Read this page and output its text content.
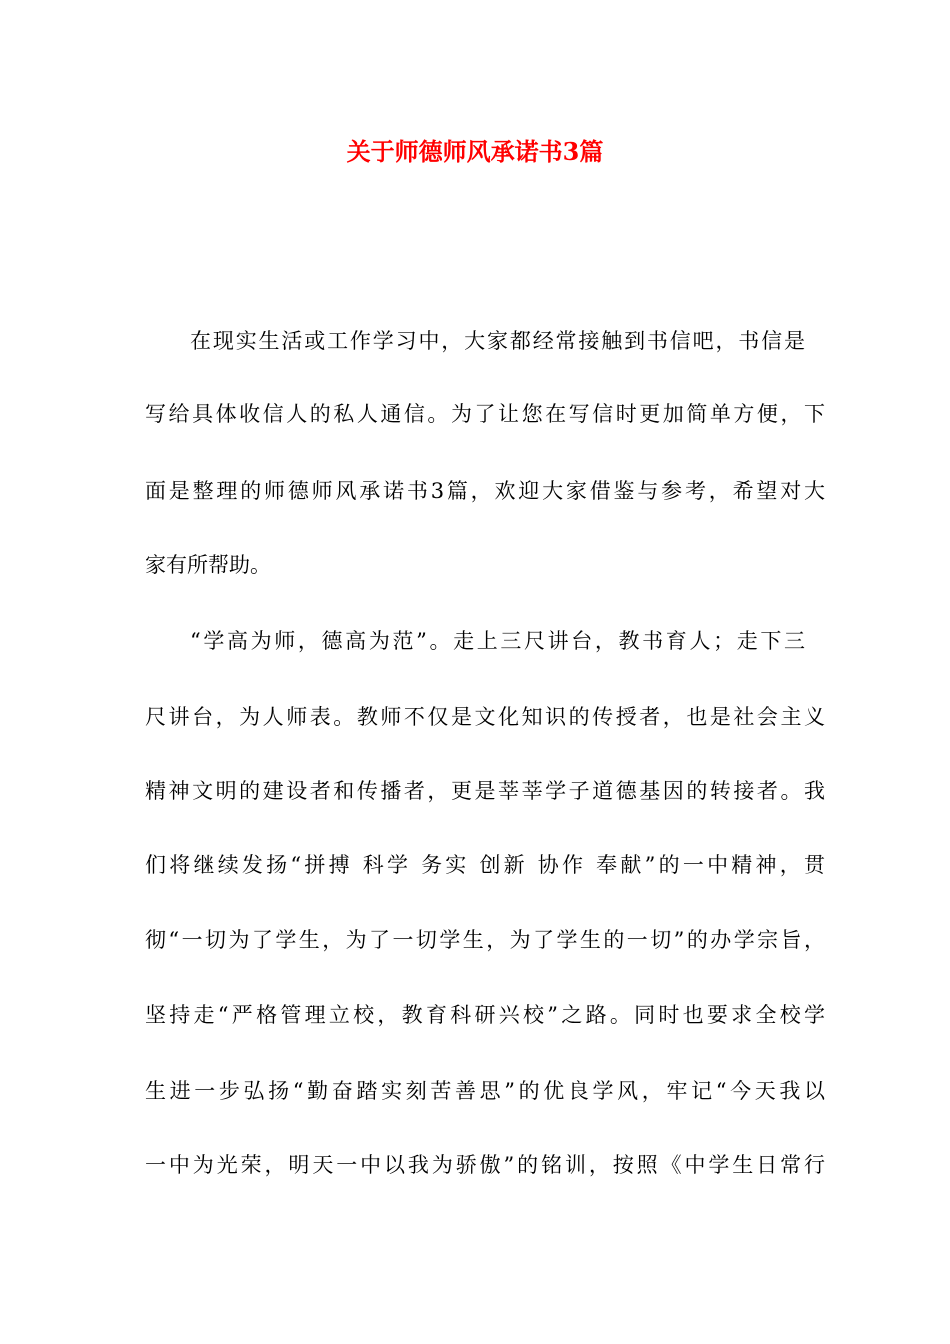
关于师德师风承诺书3篇
在现实生活或工作学习中，大家都经常接触到书信吧，书信是
写给具体收信人的私人通信。为了让您在写信时更加简单方便，下
面是整理的师德师风承诺书3篇，欢迎大家借鉴与参考，希望对大
家有所帮助。
“学高为师，德高为范”。走上三尺讲台，教书育人；走下三
尺讲台，为人师表。教师不仅是文化知识的传授者，也是社会主义
精神文明的建设者和传播者，更是莘莘学子道德基因的转接者。我
们将继续发扬“拼搏 科学 务实 创新 协作 奉献”的一中精神，贯
彻“一切为了学生，为了一切学生，为了学生的一切”的办学宗旨，
坚持走“严格管理立校，教育科研兴校”之路。同时也要求全校学
生进一步弘扬“勤奋踏实刻苦善思”的优良学风，牢记“今天我以
一中为光荣，明天一中以我为骄傲”的铭训，按照《中学生日常行
